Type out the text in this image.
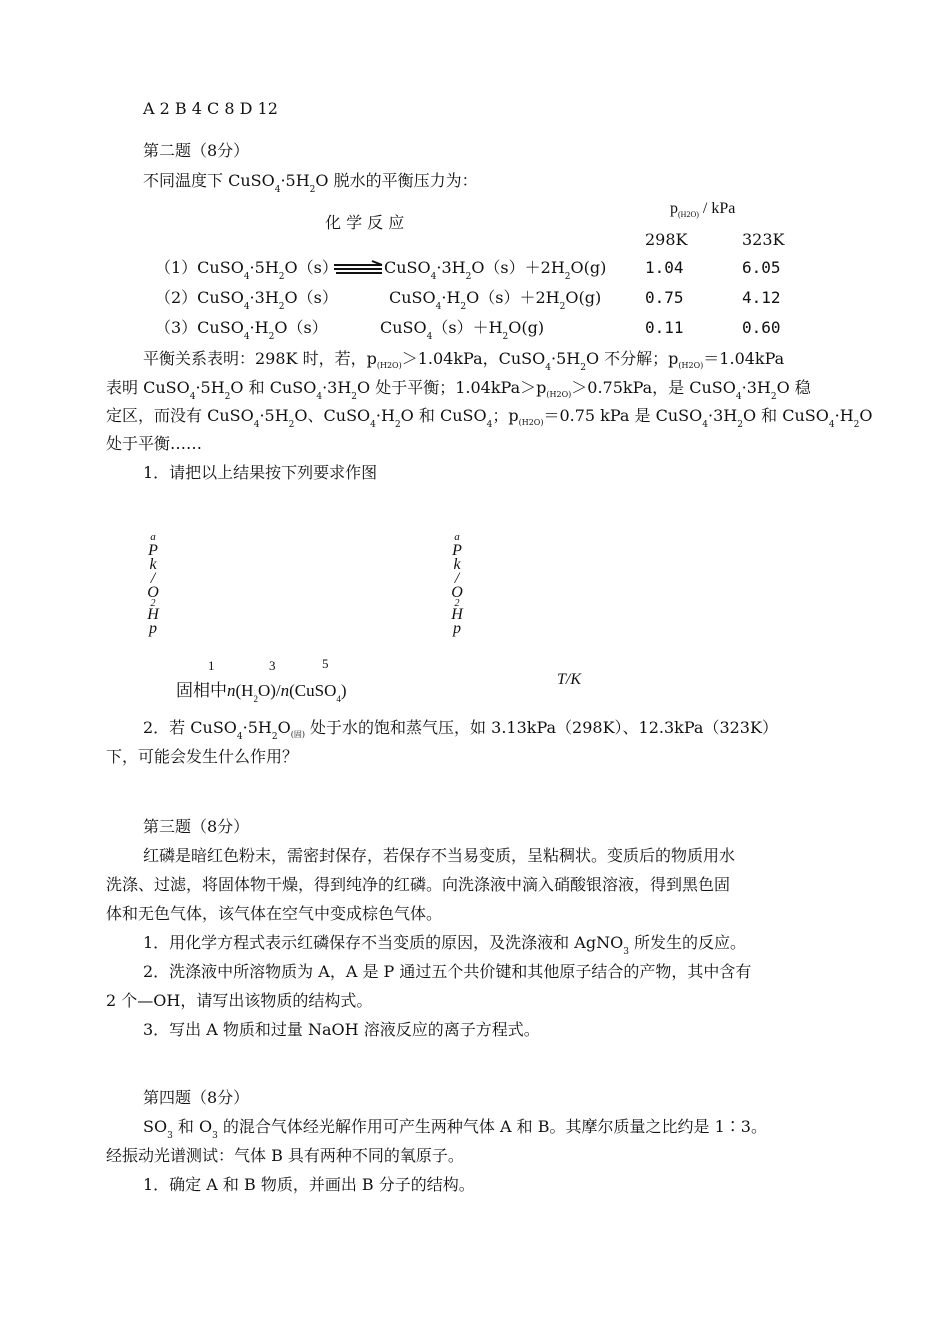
A 2 B 4 C 8 D 12
第二题（8分）
不同温度下 $CuSO_4\cdot 5H_2O$ 脱水的平衡压力为：
$p_{(H2O)}$ / kPa
化 学 反 应
298K	323K
$(1)CuSO_4\cdot 5H_2O(s)$	$CuSO_4\cdot 3H_2O(s)+2H_2O(g)$ 1.04	6.05
$(2)CuSO_4\cdot 3H_2O(s)$	$CuSO_4\cdot H_2O(s)+2H_2O(g)$	0.75	4.12
$(3)CuSO_4\cdot H_2O(s)$	$CuSO_4(s)+H_2O(g)$	0.11	0.60
平衡关系表明：298K 时，若，$p_{(H2O)}>1.04kPa$，$CuSO_4\cdot 5H_2O$ 不分解；$p_{(H2O)}=1.04kPa$
表明 $CuSO_4\cdot 5H_2O$ 和 $CuSO_4\cdot 3H_2O$ 处于平衡；$1.04kPa>p_{(H2O)}>0.75kPa$，是 $CuSO_4\cdot 3H_2O$ 稳
定区，而没有 $CuSO_4\cdot 5H_2O$、$CuSO_4\cdot H_2O$ 和 CuSO$_4$；$p_{(H2O)}=0.75$ kPa 是 $CuSO_4\cdot 3H_2O$ 和 $CuSO_4\cdot H_2O$
处于平衡……
1．请把以上结果按下列要求作图
a
P
k
/
O
2
H
p
a
P
k
/
O
2
H
p
1	3	5
固相中$n(H_2O)/n(CuSO_4)$
T/K
2．若 $CuSO_4\cdot 5H_2O_{(固)}$ 处于水的饱和蒸气压，如 3.13kPa（298K）、12.3kPa（323K）
下，可能会发生什么作用？
第三题（8分）
红磷是暗红色粉末，需密封保存，若保存不当易变质，呈粘稠状。变质后的物质用水
洗涤、过滤，将固体物干燥，得到纯净的红磷。向洗涤液中滴入硝酸银溶液，得到黑色固
体和无色气体，该气体在空气中变成棕色气体。
1．用化学方程式表示红磷保存不当变质的原因，及洗涤液和 AgNO$_3$ 所发生的反应。
2．洗涤液中所溶物质为 A，A 是 P 通过五个共价键和其他原子结合的产物，其中含有
2 个—OH，请写出该物质的结构式。
3．写出 A 物质和过量 NaOH 溶液反应的离子方程式。
第四题（8分）
$SO_3$ 和 $O_3$ 的混合气体经光解作用可产生两种气体 A 和 B。其摩尔质量之比约是 1∶3。
经振动光谱测试：气体 B 具有两种不同的氧原子。
1．确定 A 和 B 物质，并画出 B 分子的结构。
